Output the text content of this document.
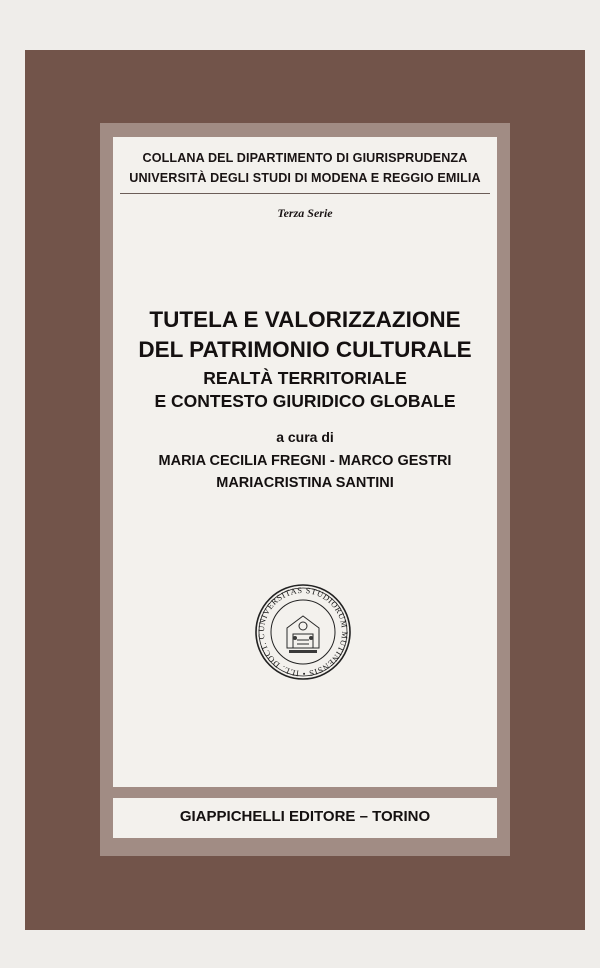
COLLANA DEL DIPARTIMENTO DI GIURISPRUDENZA
UNIVERSITÀ DEGLI STUDI DI MODENA E REGGIO EMILIA
Terza Serie
TUTELA E VALORIZZAZIONE
DEL PATRIMONIO CULTURALE
REALTÀ TERRITORIALE
E CONTESTO GIURIDICO GLOBALE
a cura di
MARIA CECILIA FREGNI - MARCO GESTRI
MARIACRISTINA SANTINI
UNIVERSITAS STUDIORUM MUTINENSIS • ILL. DOCT. C
GIAPPICHELLI EDITORE – TORINO
